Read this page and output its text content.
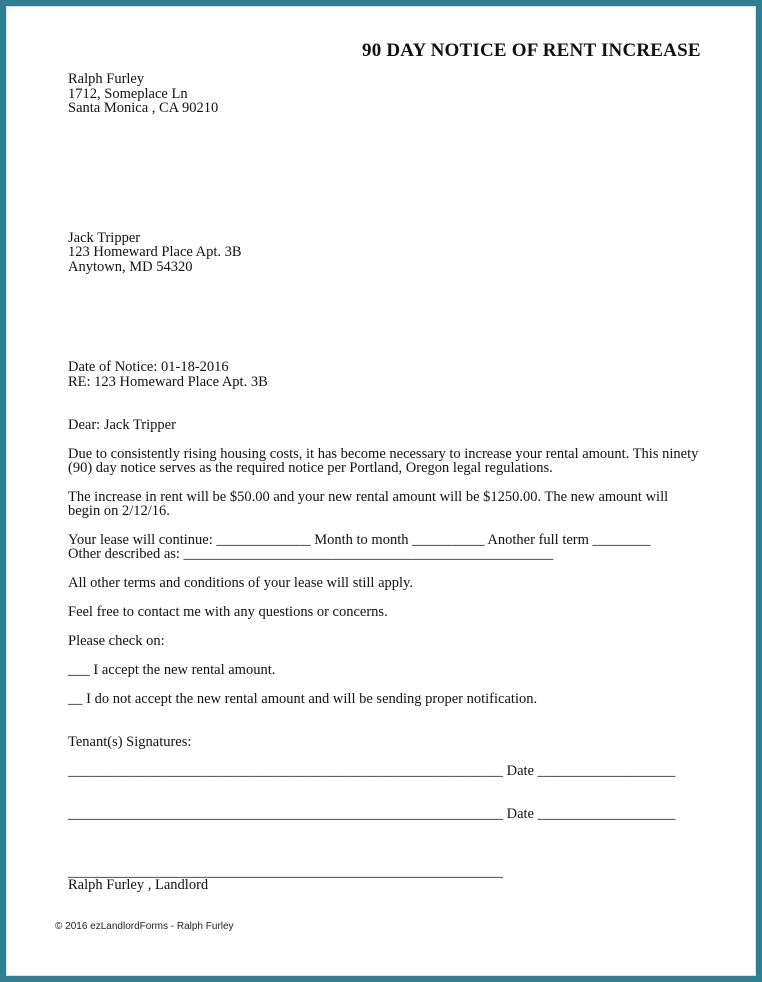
90 DAY NOTICE OF RENT INCREASE
Ralph Furley
1712, Someplace Ln
Santa Monica , CA 90210
Jack Tripper
123 Homeward Place Apt. 3B
Anytown, MD 54320
Date of Notice: 01-18-2016
RE: 123 Homeward Place Apt. 3B
Dear: Jack Tripper
Due to consistently rising housing costs, it has become necessary to increase your rental amount. This ninety
(90) day notice serves as the required notice per Portland, Oregon legal regulations.
The increase in rent will be $50.00 and your new rental amount will be $1250.00. The new amount will
begin on 2/12/16.
Your lease will continue: _____________ Month to month __________ Another full term ________
Other described as: ___________________________________________________
All other terms and conditions of your lease will still apply.
Feel free to contact me with any questions or concerns.
Please check on:
___ I accept the new rental amount.
__ I do not accept the new rental amount and will be sending proper notification.
Tenant(s) Signatures:
____________________________________________________________ Date ___________________
____________________________________________________________ Date ___________________
____________________________________________________________
Ralph Furley , Landlord
© 2016 ezLandlordForms - Ralph Furley
